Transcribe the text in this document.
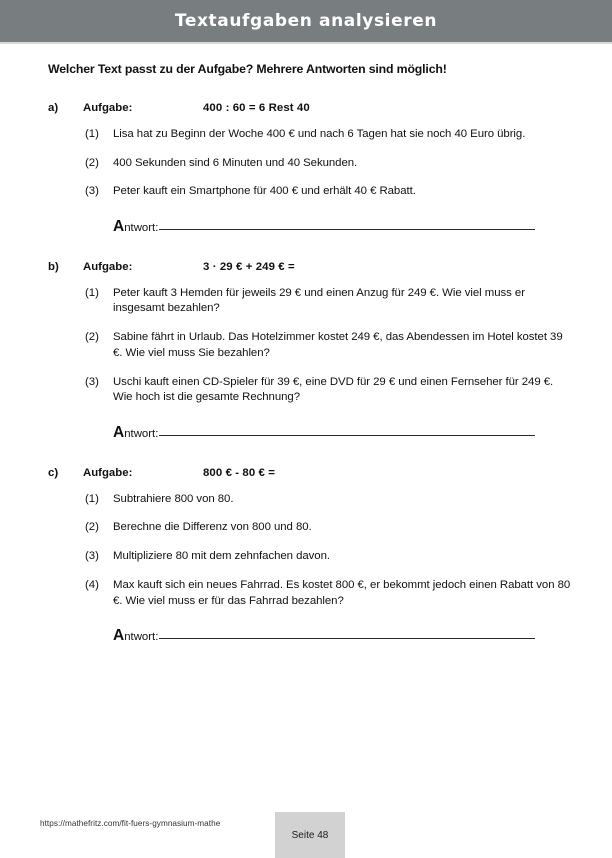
Textaufgaben analysieren
Welcher Text passt zu der Aufgabe? Mehrere Antworten sind möglich!
a)	Aufgabe:	400 : 60 = 6 Rest 40
(1)	Lisa hat zu Beginn der Woche 400 € und nach 6 Tagen hat sie noch 40 Euro übrig.
(2)	400 Sekunden sind 6 Minuten und 40 Sekunden.
(3)	Peter kauft ein Smartphone für 400 € und erhält 40 € Rabatt.
Antwort:
b)	Aufgabe:	3 · 29 € + 249 € =
(1)	Peter kauft 3 Hemden für jeweils 29 € und einen Anzug für 249 €. Wie viel muss er insgesamt bezahlen?
(2)	Sabine fährt in Urlaub. Das Hotelzimmer kostet 249 €, das Abendessen im Hotel kostet 39 €. Wie viel muss Sie bezahlen?
(3)	Uschi kauft einen CD-Spieler für 39 €, eine DVD für 29 € und einen Fernseher für 249 €. Wie hoch ist die gesamte Rechnung?
Antwort:
c)	Aufgabe:	800 € - 80 € =
(1)	Subtrahiere 800 von 80.
(2)	Berechne die Differenz von 800 und 80.
(3)	Multipliziere 80 mit dem zehnfachen davon.
(4)	Max kauft sich ein neues Fahrrad. Es kostet 800 €, er bekommt jedoch einen Rabatt von 80 €. Wie viel muss er für das Fahrrad bezahlen?
Antwort:
https://mathefritz.com/fit-fuers-gymnasium-mathe
Seite 48
